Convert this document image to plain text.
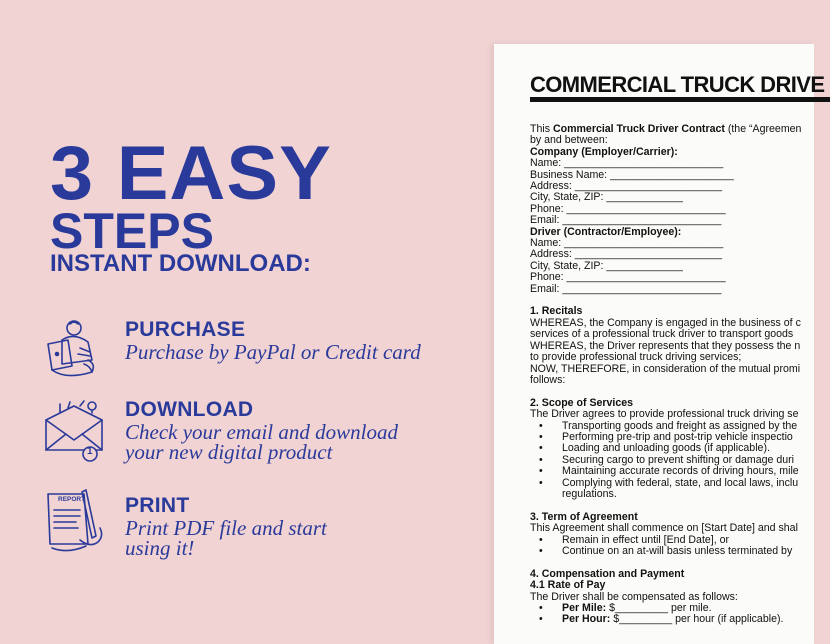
3 EASY
STEPS
INSTANT DOWNLOAD:
PURCHASE
Purchase by PayPal or Credit card
1
DOWNLOAD
Check your email and download
your new digital product
REPORT PRINT
Print PDF file and start
using it!
COMMERCIAL TRUCK DRIVE
This Commercial Truck Driver Contract (the “Agreemen
by and between:
Company (Employer/Carrier):
Name: ___________________________
Business Name: _____________________
Address: _________________________
City, State, ZIP: _____________
Phone: ___________________________
Email: ___________________________
Driver (Contractor/Employee):
Name: ___________________________
Address: _________________________
City, State, ZIP: _____________
Phone: ___________________________
Email: ___________________________
1. Recitals
WHEREAS, the Company is engaged in the business of c
services of a professional truck driver to transport goods
WHEREAS, the Driver represents that they possess the n
to provide professional truck driving services;
NOW, THEREFORE, in consideration of the mutual promi
follows:
2. Scope of Services
The Driver agrees to provide professional truck driving se
• Transporting goods and freight as assigned by the
• Performing pre-trip and post-trip vehicle inspectio
• Loading and unloading goods (if applicable).
• Securing cargo to prevent shifting or damage duri
• Maintaining accurate records of driving hours, mile
• Complying with federal, state, and local laws, inclu
regulations.
3. Term of Agreement
This Agreement shall commence on [Start Date] and shal
• Remain in effect until [End Date], or
• Continue on an at-will basis unless terminated by
4. Compensation and Payment
4.1 Rate of Pay
The Driver shall be compensated as follows:
• Per Mile: $_________ per mile.
• Per Hour: $_________ per hour (if applicable).
